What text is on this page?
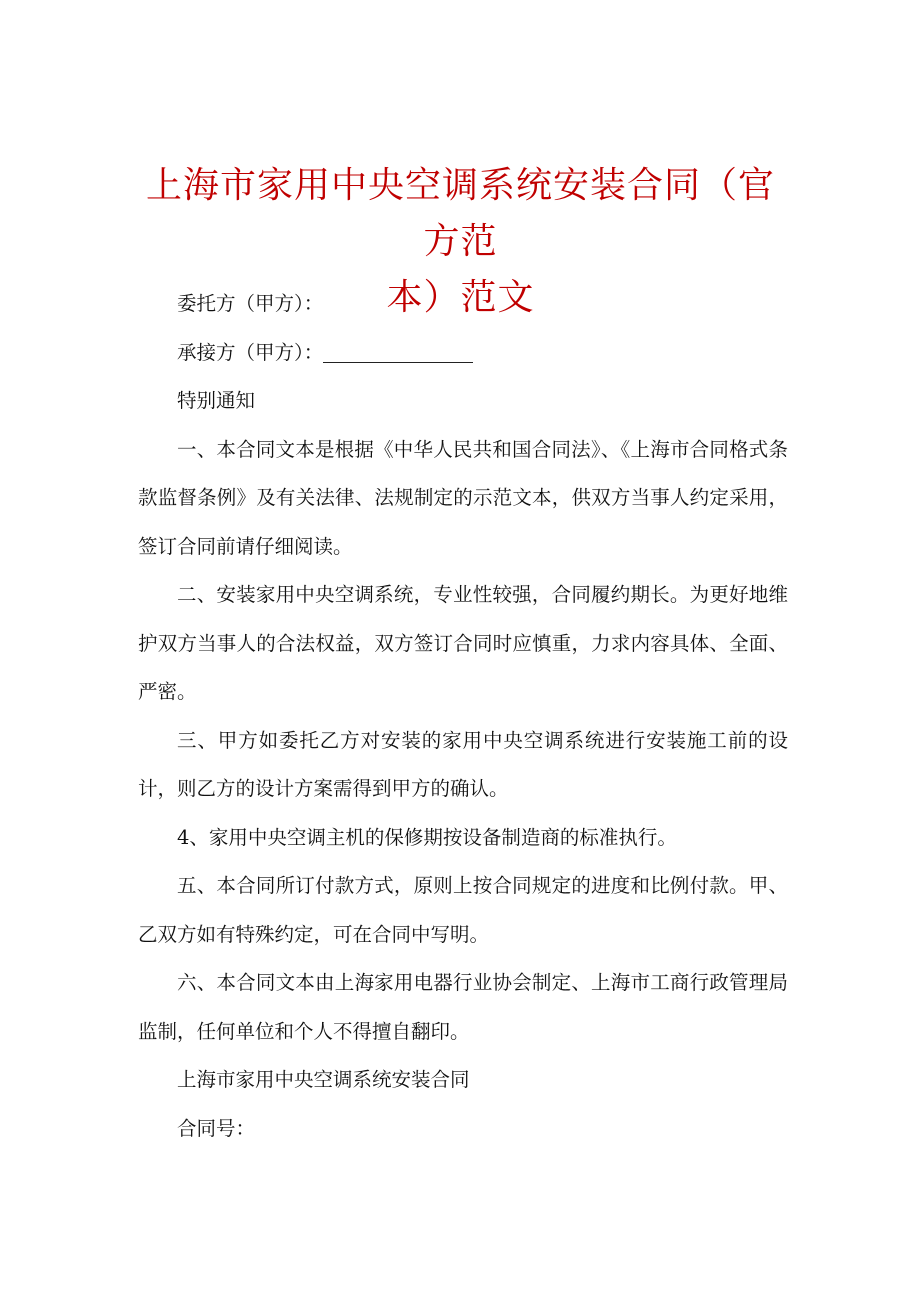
上海市家用中央空调系统安装合同（官方范
本）范文

委托方（甲方）：

承接方（甲方）：

特别通知

一、本合同文本是根据《中华人民共和国合同法》、《上海市合同格式条款监督条例》及有关法律、法规制定的示范文本，供双方当事人约定采用，签订合同前请仔细阅读。

二、安装家用中央空调系统，专业性较强，合同履约期长。为更好地维护双方当事人的合法权益，双方签订合同时应慎重，力求内容具体、全面、严密。

三、甲方如委托乙方对安装的家用中央空调系统进行安装施工前的设计，则乙方的设计方案需得到甲方的确认。

4、家用中央空调主机的保修期按设备制造商的标准执行。

五、本合同所订付款方式，原则上按合同规定的进度和比例付款。甲、乙双方如有特殊约定，可在合同中写明。

六、本合同文本由上海家用电器行业协会制定、上海市工商行政管理局监制，任何单位和个人不得擅自翻印。

上海市家用中央空调系统安装合同

合同号：
